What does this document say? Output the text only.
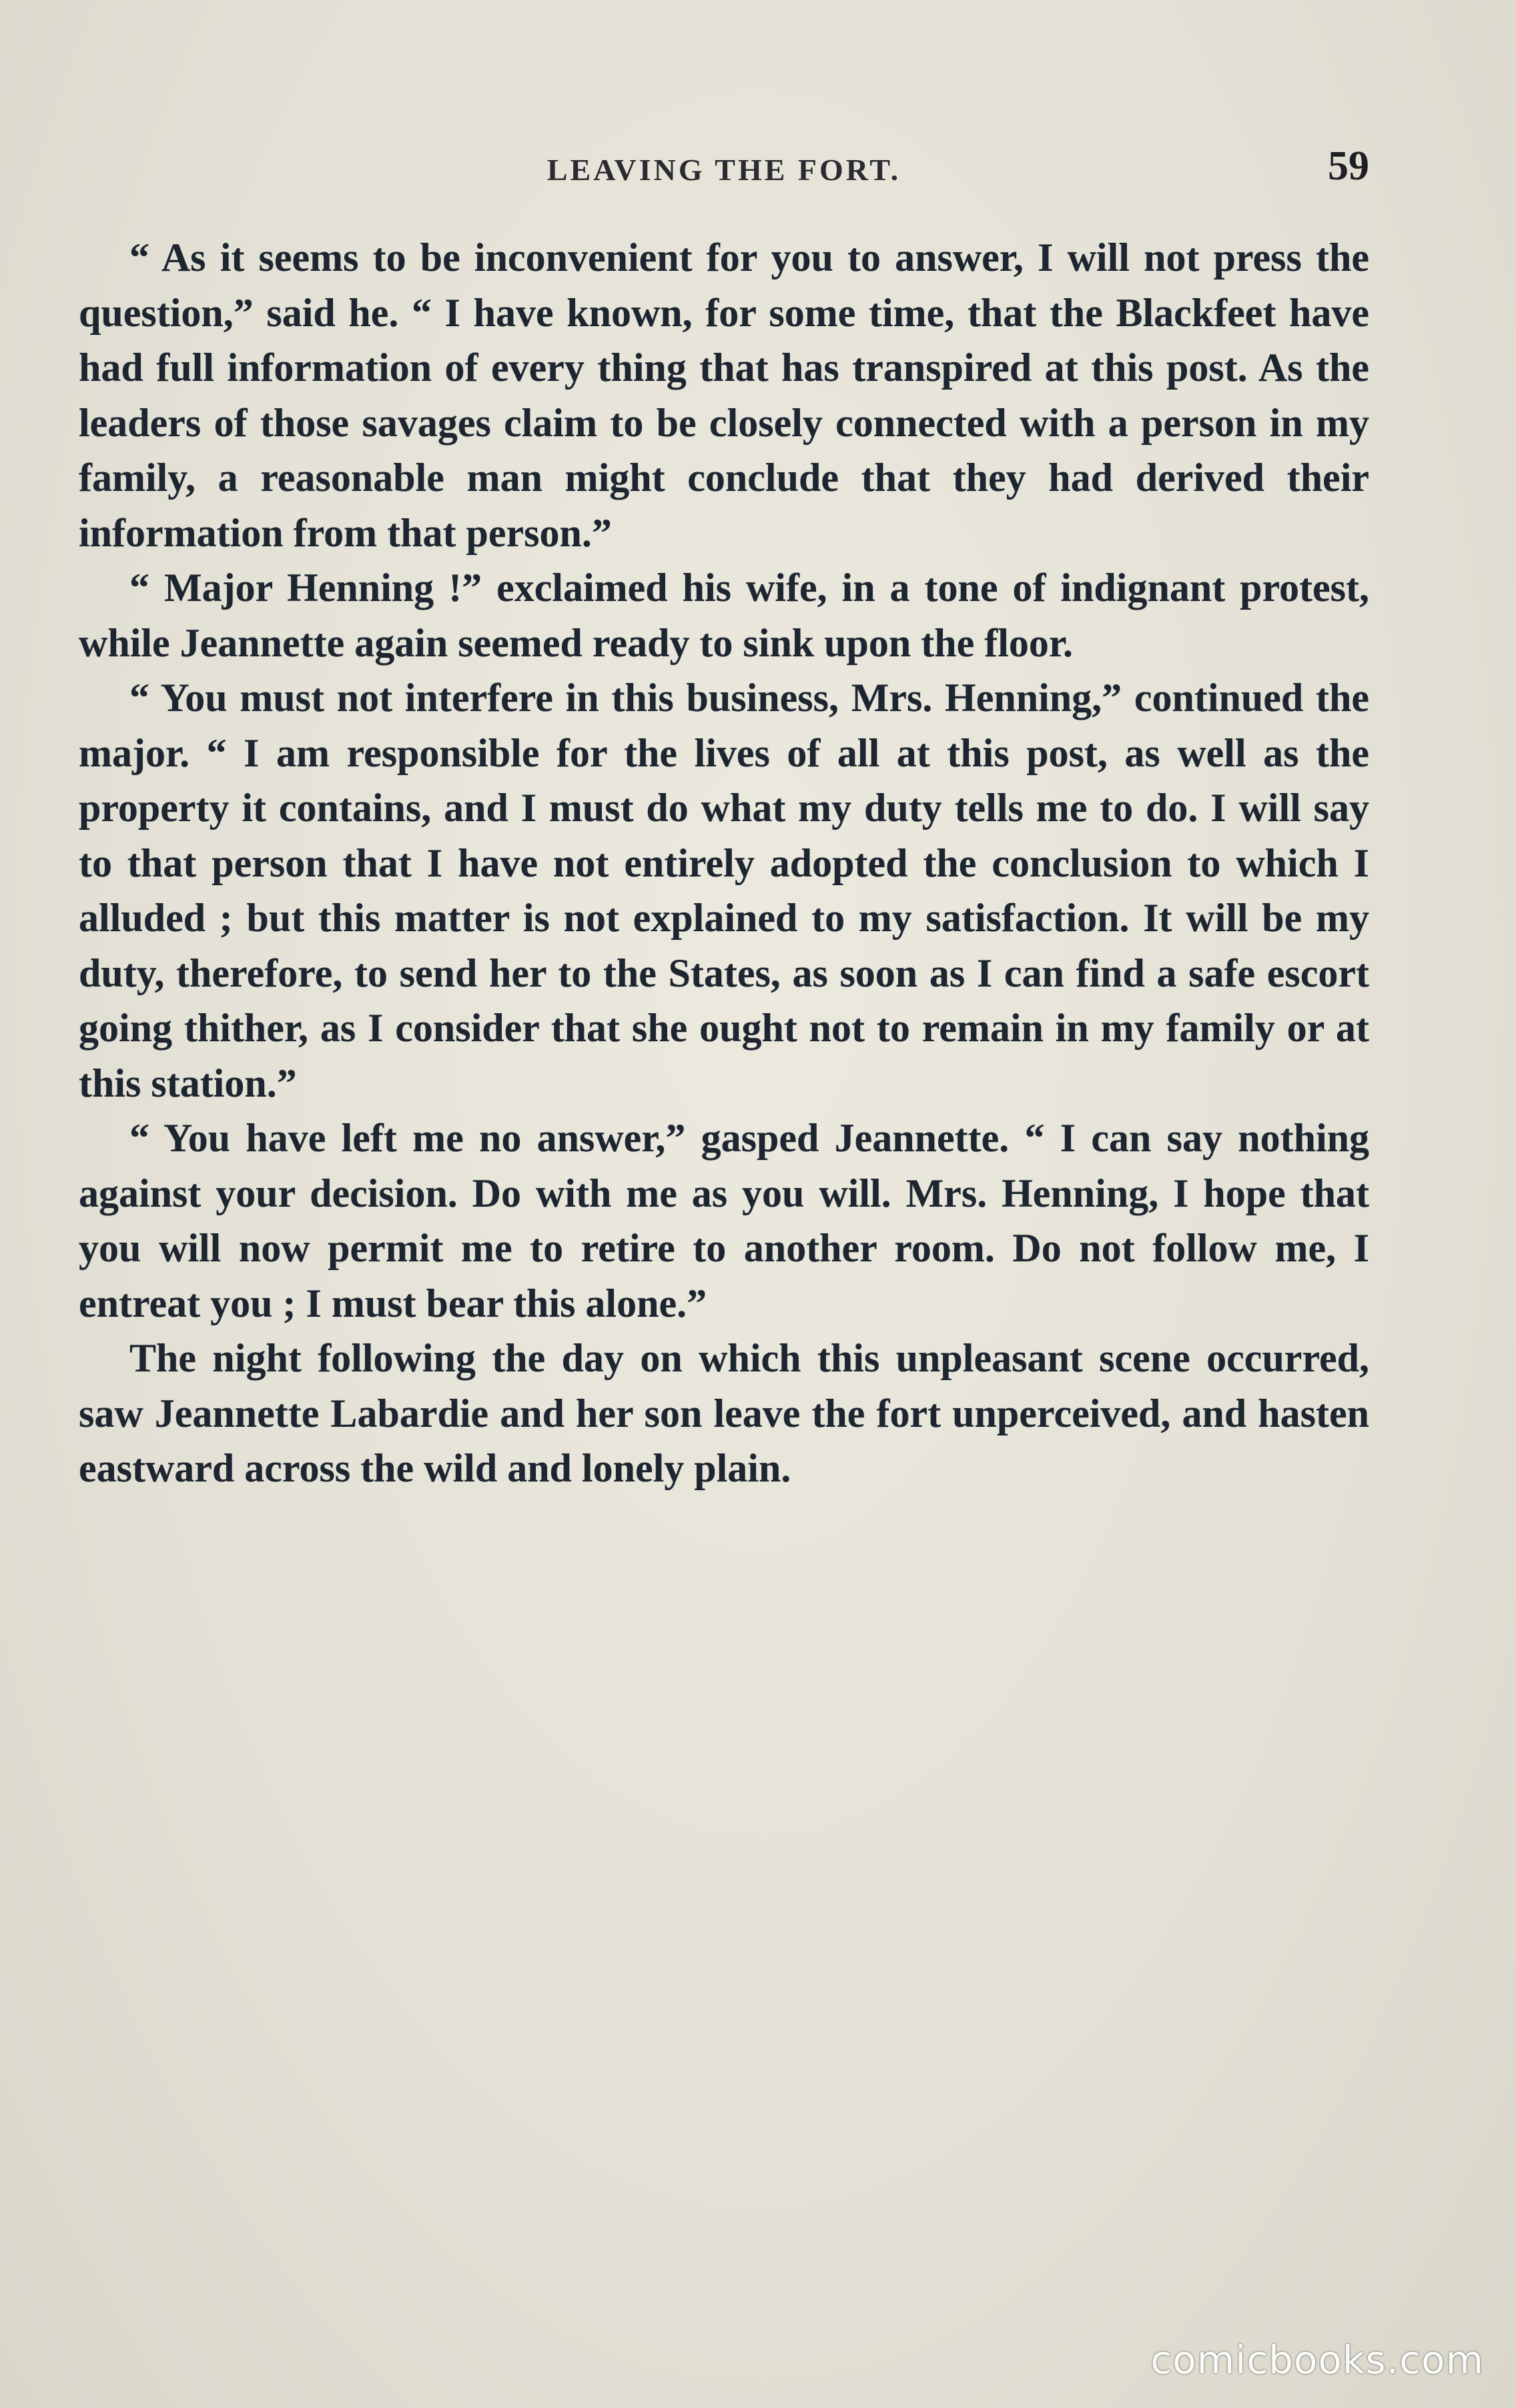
LEAVING THE FORT.	59

“ As it seems to be inconvenient for you to answer, I will not press the question,” said he. “ I have known, for some time, that the Blackfeet have had full information of every thing that has transpired at this post. As the leaders of those savages claim to be closely connected with a person in my family, a reasonable man might conclude that they had derived their information from that person.”

“ Major Henning !” exclaimed his wife, in a tone of indignant protest, while Jeannette again seemed ready to sink upon the floor.

“ You must not interfere in this business, Mrs. Henning,” continued the major. “ I am responsible for the lives of all at this post, as well as the property it contains, and I must do what my duty tells me to do. I will say to that person that I have not entirely adopted the conclusion to which I alluded ; but this matter is not explained to my satisfaction. It will be my duty, therefore, to send her to the States, as soon as I can find a safe escort going thither, as I consider that she ought not to remain in my family or at this station.”

“ You have left me no answer,” gasped Jeannette. “ I can say nothing against your decision. Do with me as you will. Mrs. Henning, I hope that you will now permit me to retire to another room. Do not follow me, I entreat you ; I must bear this alone.”

The night following the day on which this unpleasant scene occurred, saw Jeannette Labardie and her son leave the fort unperceived, and hasten eastward across the wild and lonely plain.

comicbooks.com
